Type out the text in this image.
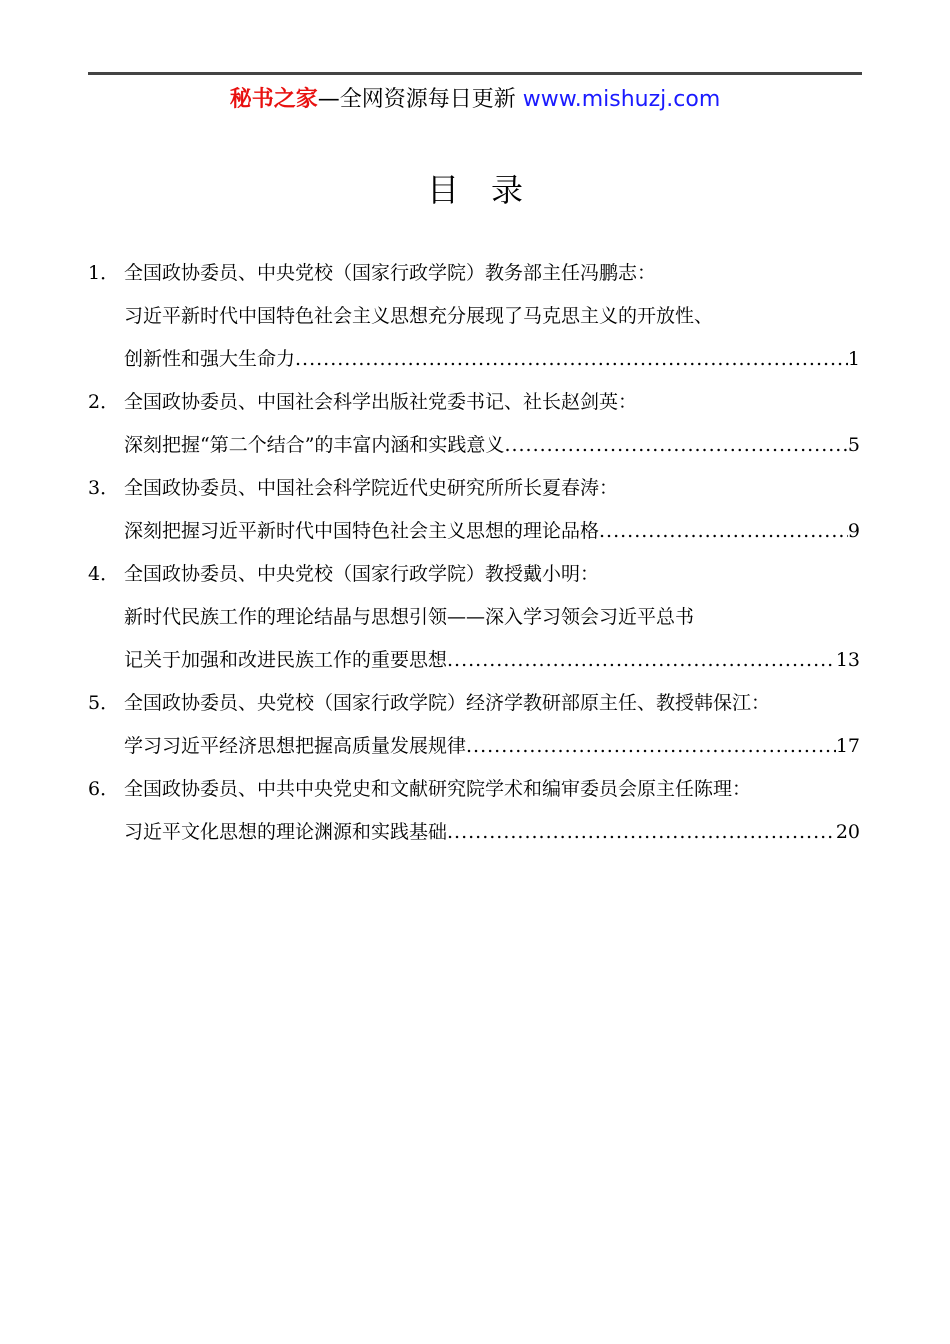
秘书之家—全网资源每日更新 www.mishuzj.com
目录
1． 全国政协委员、中央党校（国家行政学院）教务部主任冯鹏志：
习近平新时代中国特色社会主义思想充分展现了马克思主义的开放性、
创新性和强大生命力 .....	1
2． 全国政协委员、中国社会科学出版社党委书记、社长赵剑英：
深刻把握“第二个结合”的丰富内涵和实践意义 .....	5
3． 全国政协委员、中国社会科学院近代史研究所所长夏春涛：
深刻把握习近平新时代中国特色社会主义思想的理论品格 .....	9
4． 全国政协委员、中央党校（国家行政学院）教授戴小明：
新时代民族工作的理论结晶与思想引领——深入学习领会习近平总书
记关于加强和改进民族工作的重要思想 .....	13
5． 全国政协委员、央党校（国家行政学院）经济学教研部原主任、教授韩保江：
学习习近平经济思想把握高质量发展规律 .....	17
6． 全国政协委员、中共中央党史和文献研究院学术和编审委员会原主任陈理：
习近平文化思想的理论渊源和实践基础 .....	20
